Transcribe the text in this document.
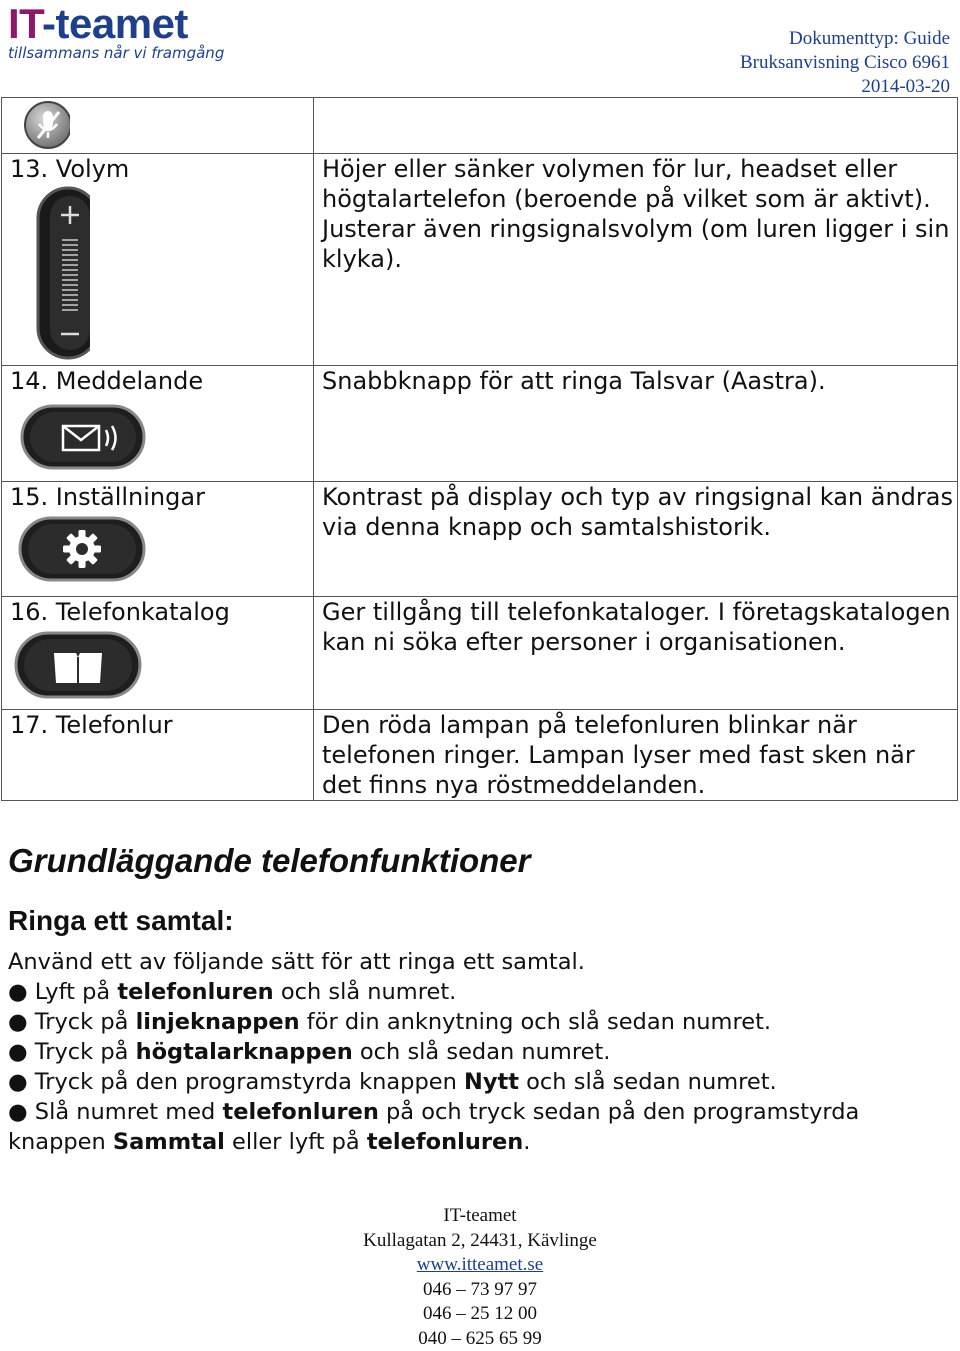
IT-teamet
tillsammans når vi framgång
Dokumenttyp: Guide
Bruksanvisning Cisco 6961
2014-03-20

13. Volym	Höjer eller sänker volymen för lur, headset eller högtalartelefon (beroende på vilket som är aktivt). Justerar även ringsignalsvolym (om luren ligger i sin klyka).

14. Meddelande	Snabbknapp för att ringa Talsvar (Aastra).

15. Inställningar	Kontrast på display och typ av ringsignal kan ändras via denna knapp och samtalshistorik.

16. Telefonkatalog	Ger tillgång till telefonkataloger. I företagskatalogen kan ni söka efter personer i organisationen.
17. Telefonlur	Den röda lampan på telefonluren blinkar när telefonen ringer. Lampan lyser med fast sken när det finns nya röstmeddelanden.
Grundläggande telefonfunktioner
Ringa ett samtal:

Använd ett av följande sätt för att ringa ett samtal.

● Lyft på telefonluren och slå numret.

● Tryck på linjeknappen för din anknytning och slå sedan numret.

● Tryck på högtalarknappen och slå sedan numret.

● Tryck på den programstyrda knappen Nytt och slå sedan numret.

● Slå numret med telefonluren på och tryck sedan på den programstyrda knappen Sammtal eller lyft på telefonluren.

IT-teamet
Kullagatan 2, 24431, Kävlinge
www.itteamet.se
046 – 73 97 97
046 – 25 12 00
040 – 625 65 99
